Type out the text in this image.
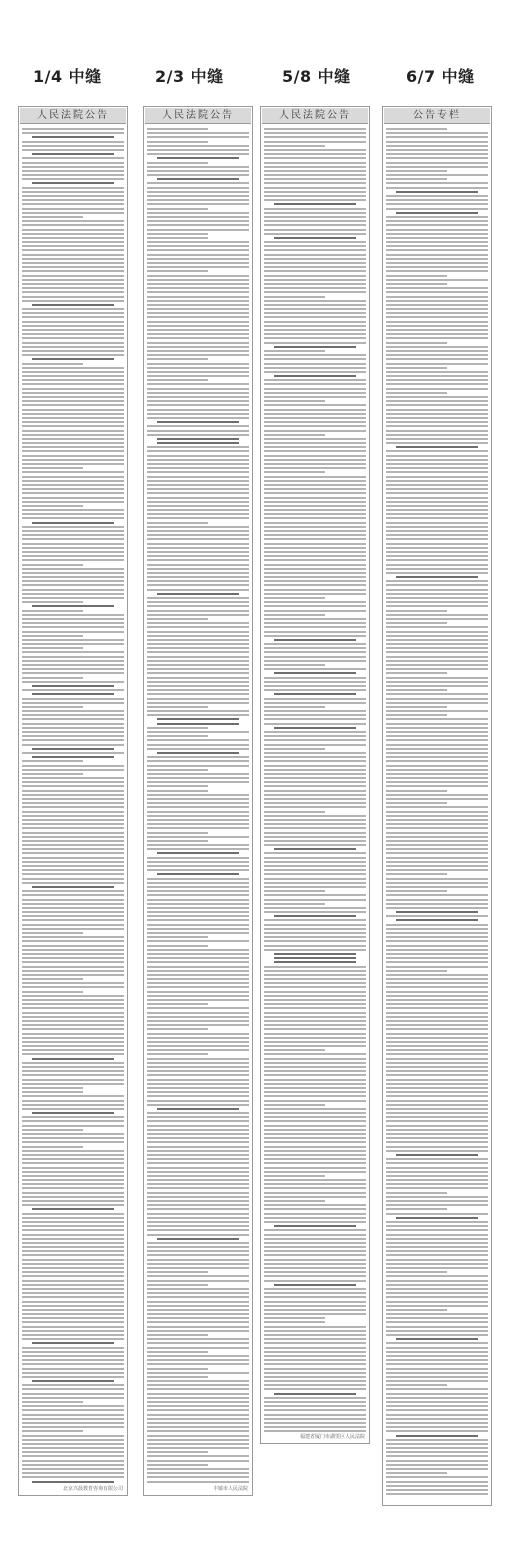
1/4 中缝	2/3 中缝	5/8 中缝	6/7 中缝
人民法院公告
北京兴晨教育咨询有限公司
人民法院公告
丰镇市人民法院
人民法院公告
福建省厦门市湖里区人民法院
公告专栏
